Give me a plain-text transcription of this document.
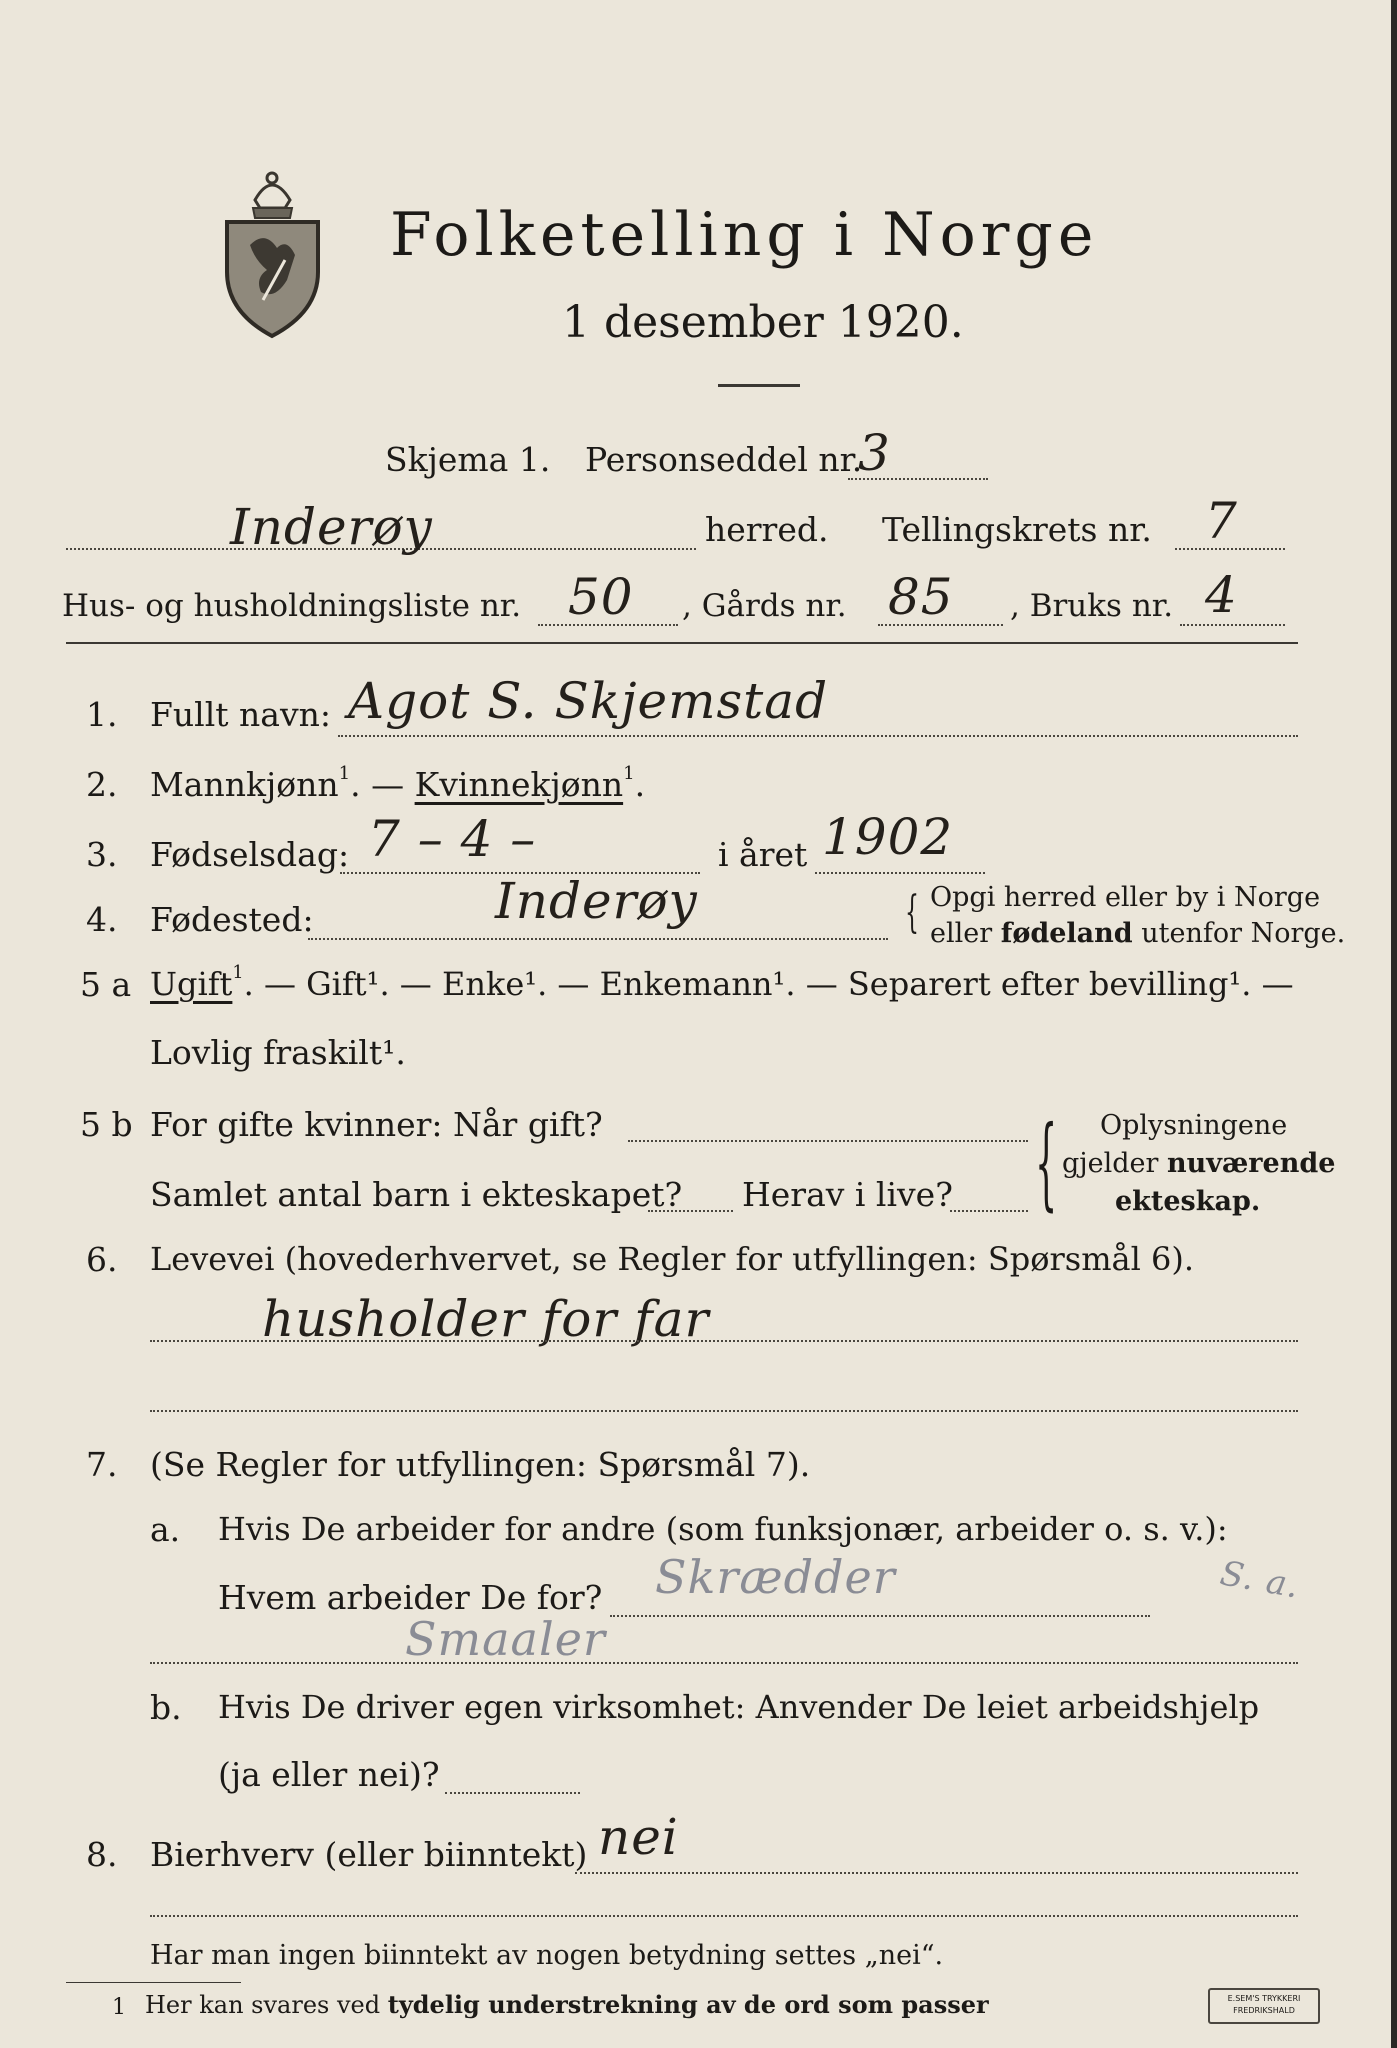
Folketelling i Norge
1 desember 1920.
Skjema 1. Personseddel nr.
3
Inderøy	herred. Tellingskrets nr. 7
Hus- og husholdningsliste nr. 50 , Gårds nr. 85 , Bruks nr. 4
1. Fullt navn: Agot S. Skjemstad
2. Mannkjønn$^1$. — Kvinnekjønn$^1$.
3. Fødselsdag: 7 – 4 –	i året 1902
4. Fødested:	Inderøy	{ Opgi herred eller by i Norge
eller fødeland utenfor Norge.
5 a Ugift$^1$. — Gift¹. — Enke¹. — Enkemann¹. — Separert efter bevilling¹. —
Lovlig fraskilt¹.
5 b For gifte kvinner: Når gift?
Samlet antal barn i ekteskapet? Herav i live? { Oplysningene
gjelder nuværende
ekteskap.
6.	Levevei (hovederhvervet, se Regler for utfyllingen: Spørsmål 6).
husholder for far
7. (Se Regler for utfyllingen: Spørsmål 7).
a. Hvis De arbeider for andre (som funksjonær, arbeider o. s. v.):
Hvem arbeider De for? Skrædder	S. a.
Smaaler
b. Hvis De driver egen virksomhet: Anvender De leiet arbeidshjelp
(ja eller nei)?
8. Bierhverv (eller biinntekt) nei
Har man ingen biinntekt av nogen betydning settes „nei“.
1 Her kan svares ved tydelig understrekning av de ord som passer	E.SEM'S TRYKKERI
FREDRIKSHALD
